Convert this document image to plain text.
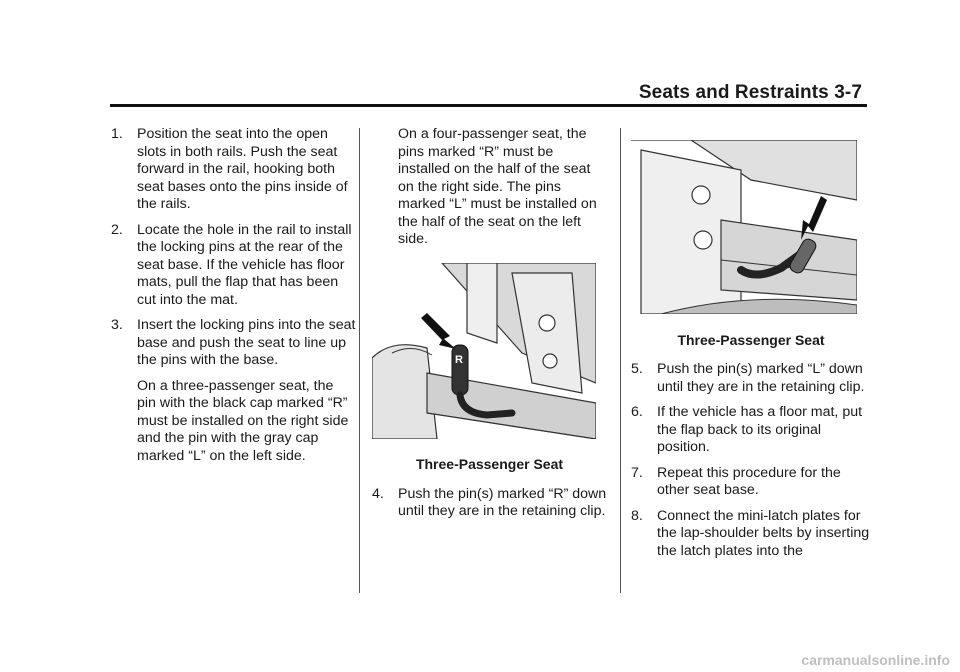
Seats and Restraints 3-7
1. Position the seat into the open slots in both rails. Push the seat forward in the rail, hooking both seat bases onto the pins inside of the rails.
2. Locate the hole in the rail to install the locking pins at the rear of the seat base. If the vehicle has floor mats, pull the flap that has been cut into the mat.
3. Insert the locking pins into the seat base and push the seat to line up the pins with the base.
On a three-passenger seat, the pin with the black cap marked “R” must be installed on the right side and the pin with the gray cap marked “L” on the left side.
On a four-passenger seat, the pins marked “R” must be installed on the half of the seat on the right side. The pins marked “L” must be installed on the half of the seat on the left side.
R
Three-Passenger Seat
4. Push the pin(s) marked “R” down until they are in the retaining clip.
Three-Passenger Seat
5. Push the pin(s) marked “L” down until they are in the retaining clip.
6. If the vehicle has a floor mat, put the flap back to its original position.
7. Repeat this procedure for the other seat base.
8. Connect the mini-latch plates for the lap-shoulder belts by inserting the latch plates into the
carmanualsonline.info
